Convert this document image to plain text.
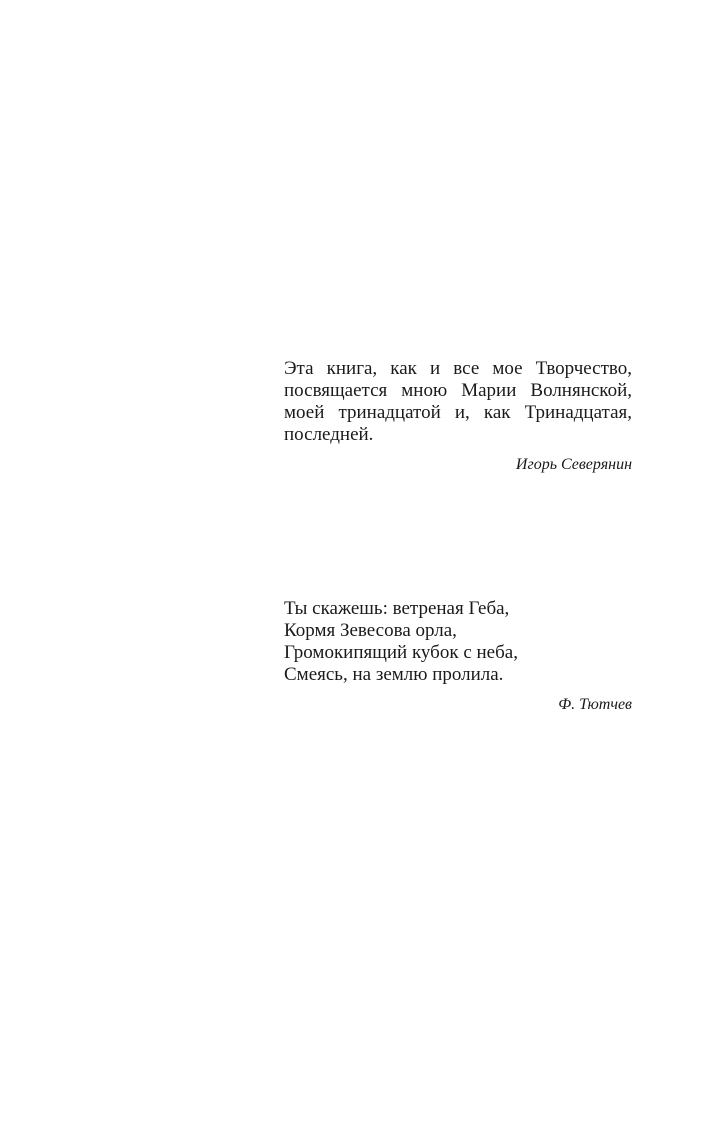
Эта книга, как и все мое Творчество,
посвящается мною Марии Волнянской,
моей тринадцатой и, как Тринадцатая,
последней.
Игорь Северянин
Ты скажешь: ветреная Геба,
Кормя Зевесова орла,
Громокипящий кубок с неба,
Смеясь, на землю пролила.
Ф. Тютчев
